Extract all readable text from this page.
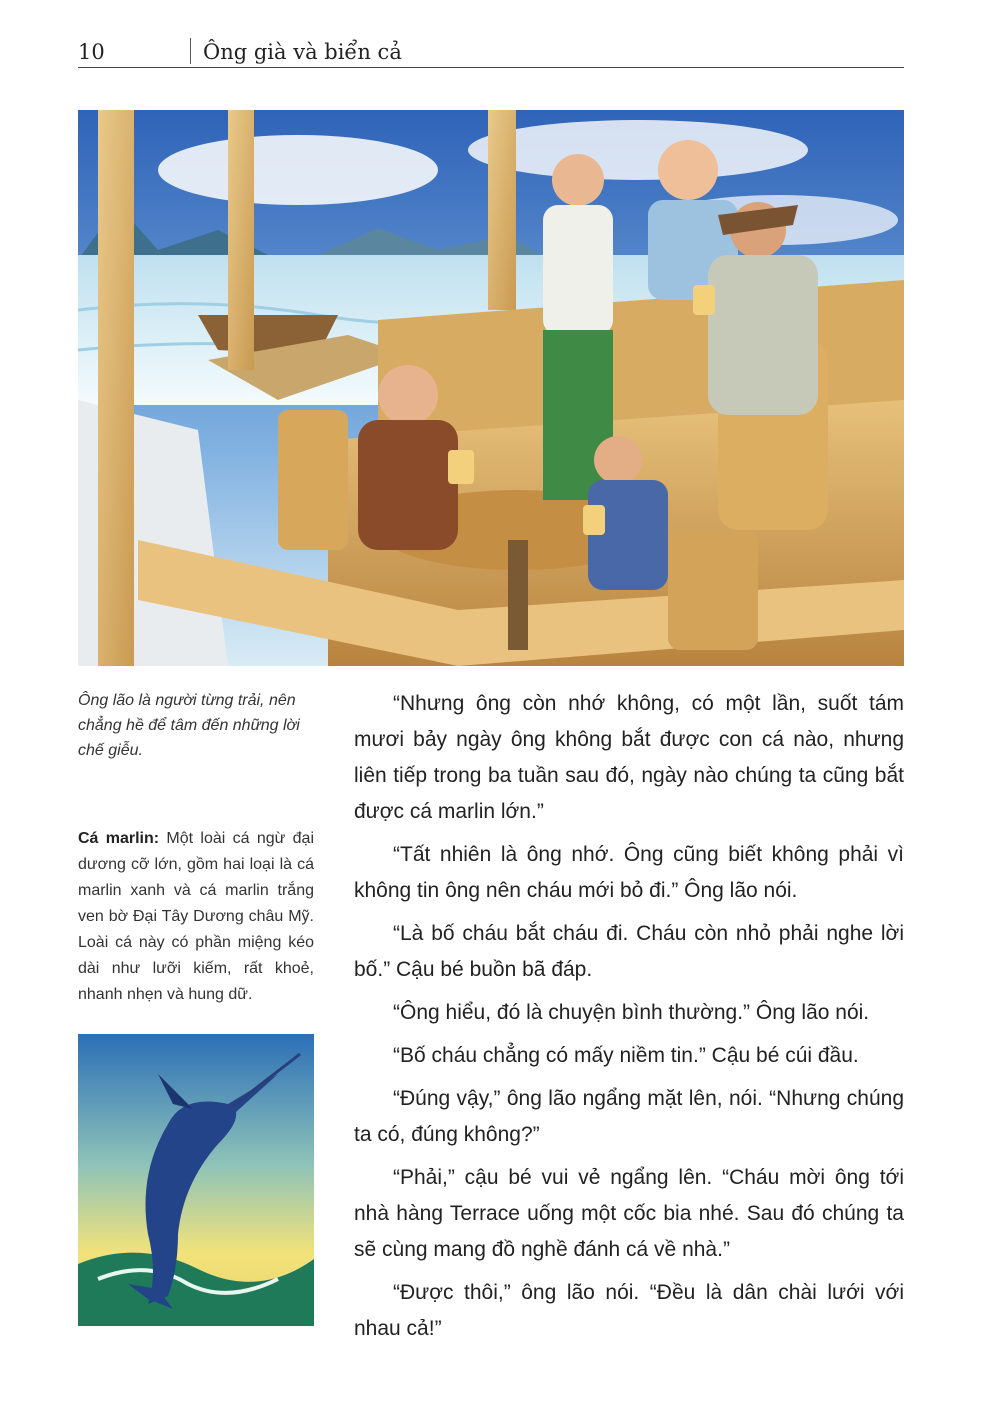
10	Ông già và biển cả
Ông lão là người từng trải, nên chẳng hề để tâm đến những lời chế giễu.
Cá marlin: Một loài cá ngừ đại dương cỡ lớn, gồm hai loại là cá marlin xanh và cá marlin trắng ven bờ Đại Tây Dương châu Mỹ. Loài cá này có phần miệng kéo dài như lưỡi kiếm, rất khoẻ, nhanh nhẹn và hung dữ.

“Nhưng ông còn nhớ không, có một lần, suốt tám mươi bảy ngày ông không bắt được con cá nào, nhưng liên tiếp trong ba tuần sau đó, ngày nào chúng ta cũng bắt được cá marlin lớn.”

“Tất nhiên là ông nhớ. Ông cũng biết không phải vì không tin ông nên cháu mới bỏ đi.” Ông lão nói.

“Là bố cháu bắt cháu đi. Cháu còn nhỏ phải nghe lời bố.” Cậu bé buồn bã đáp.

“Ông hiểu, đó là chuyện bình thường.” Ông lão nói.

“Bố cháu chẳng có mấy niềm tin.” Cậu bé cúi đầu.

“Đúng vậy,” ông lão ngẩng mặt lên, nói. “Nhưng chúng ta có, đúng không?”

“Phải,” cậu bé vui vẻ ngẩng lên. “Cháu mời ông tới nhà hàng Terrace uống một cốc bia nhé. Sau đó chúng ta sẽ cùng mang đồ nghề đánh cá về nhà.”

“Được thôi,” ông lão nói. “Đều là dân chài lưới với nhau cả!”
